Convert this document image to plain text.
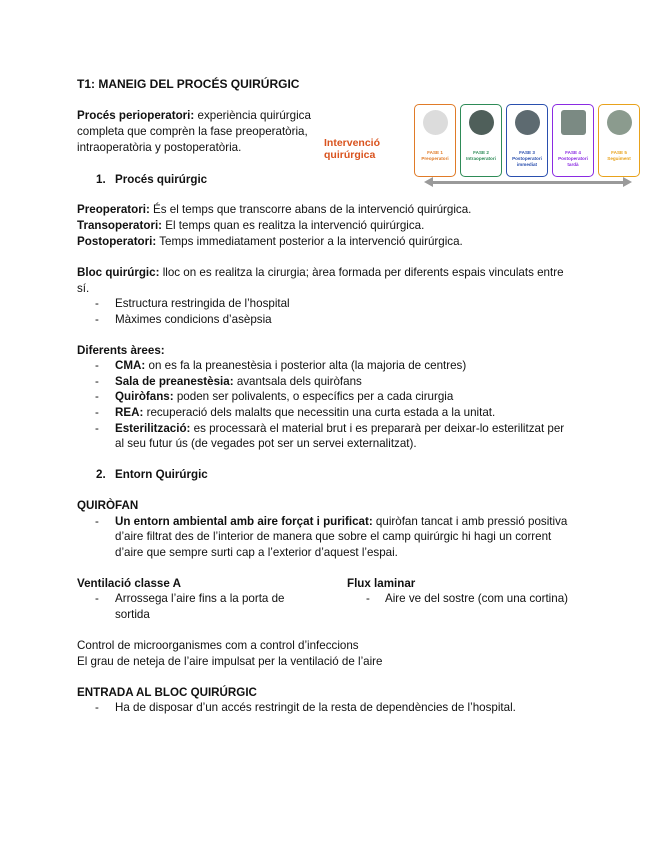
T1: MANEIG DEL PROCÉS QUIRÚRGIC
Procés perioperatori: experiència quirúrgica
completa que comprèn la fase preoperatòria,
intraoperatòria y postoperatòria.	Intervenció
quirúrgica	FASE 1 Preoperatori
FASE 2 Intraoperatori
FASE 3 Postoperatori immediat
FASE 4 Postoperatori tardà
FASE 5 Seguiment
1. Procés quirúrgic
Preoperatori: És el temps que transcorre abans de la intervenció quirúrgica.
Transoperatori: El temps quan es realitza la intervenció quirúrgica.
Postoperatori: Temps immediatament posterior a la intervenció quirúrgica.
Bloc quirúrgic: lloc on es realitza la cirurgia; àrea formada per diferents espais vinculats entre
sí.
- Estructura restringida de l’hospital
- Màximes condicions d’asèpsia
Diferents àrees:
- CMA: on es fa la preanestèsia i posterior alta (la majoria de centres)
- Sala de preanestèsia: avantsala dels quiròfans
- Quiròfans: poden ser polivalents, o específics per a cada cirurgia
- REA: recuperació dels malalts que necessitin una curta estada a la unitat.
- Esterilització: es processarà el material brut i es prepararà per deixar-lo esterilitzat per
al seu futur ús (de vegades pot ser un servei externalitzat).
2. Entorn Quirúrgic
QUIRÒFAN
- Un entorn ambiental amb aire forçat i purificat: quiròfan tancat i amb pressió positiva
d’aire filtrat des de l’interior de manera que sobre el camp quirúrgic hi hagi un corrent
d’aire que sempre surti cap a l’exterior d’aquest l’espai.
Ventilació classe A
- Arrossega l’aire fins a la porta de
sortida
Flux laminar
- Aire ve del sostre (com una cortina)
Control de microorganismes com a control d’infeccions
El grau de neteja de l’aire impulsat per la ventilació de l’aire
ENTRADA AL BLOC QUIRÚRGIC
- Ha de disposar d’un accés restringit de la resta de dependències de l’hospital.
